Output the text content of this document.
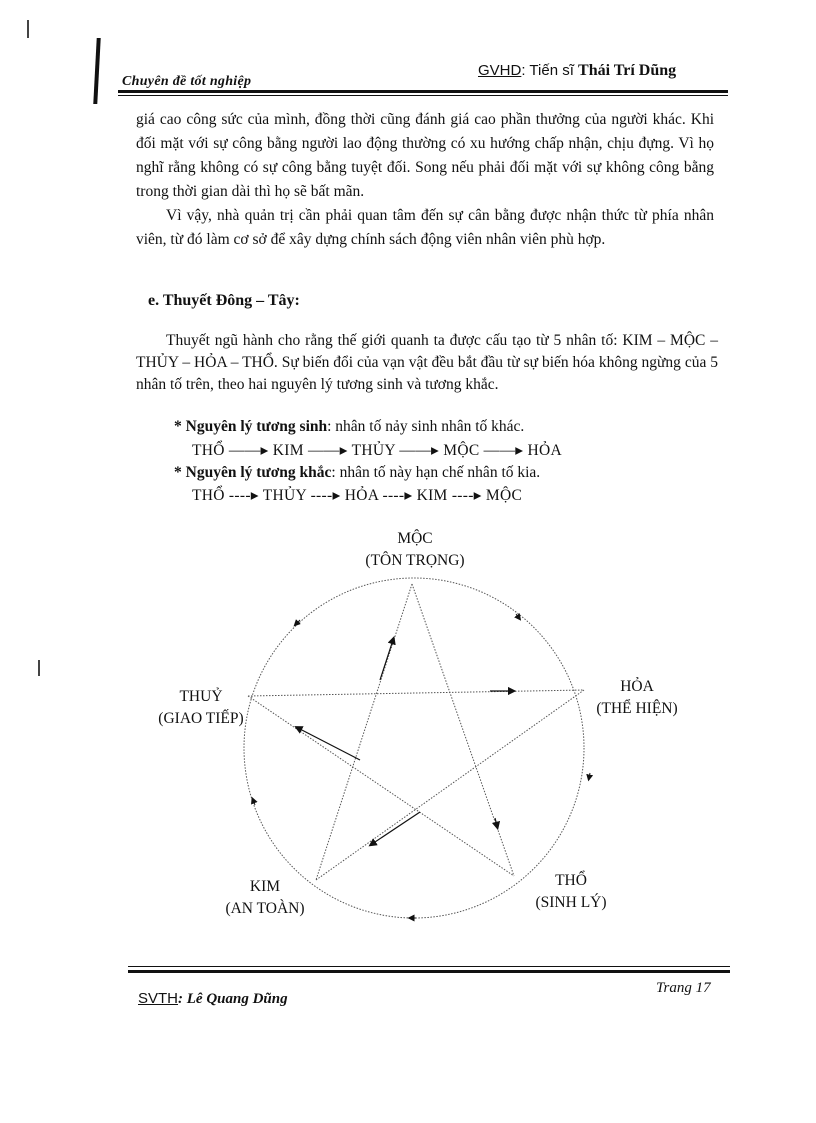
Chuyên đề tốt nghiệp
GVHD: Tiến sĩ Thái Trí Dũng

giá cao công sức của mình, đồng thời cũng đánh giá cao phần thưởng của người khác. Khi đối mặt với sự công bằng người lao động thường có xu hướng chấp nhận, chịu đựng. Vì họ nghĩ rằng không có sự công bằng tuyệt đối. Song nếu phải đối mặt với sự không công bằng trong thời gian dài thì họ sẽ bất mãn.

Vì vậy, nhà quản trị cần phải quan tâm đến sự cân bằng được nhận thức từ phía nhân viên, từ đó làm cơ sở để xây dựng chính sách động viên nhân viên phù hợp.

e. Thuyết Đông – Tây:

Thuyết ngũ hành cho rằng thế giới quanh ta được cấu tạo từ 5 nhân tố: KIM – MỘC – THỦY – HỎA – THỔ. Sự biến đổi của vạn vật đều bắt đầu từ sự biến hóa không ngừng của 5 nhân tố trên, theo hai nguyên lý tương sinh và tương khắc.

* Nguyên lý tương sinh: nhân tố nảy sinh nhân tố khác.
THỔ ——▸ KIM ——▸ THỦY ——▸ MỘC ——▸ HỎA
* Nguyên lý tương khắc: nhân tố này hạn chế nhân tố kia.
THỔ ----▸ THỦY ----▸ HỎA ----▸ KIM ----▸ MỘC
MỘC
(TÔN TRỌNG)
HỎA
(THỂ HIỆN)
THUỶ
(GIAO TIẾP)
KIM
(AN TOÀN)
THỔ
(SINH LÝ)
SVTH: Lê Quang Dũng
Trang 17
